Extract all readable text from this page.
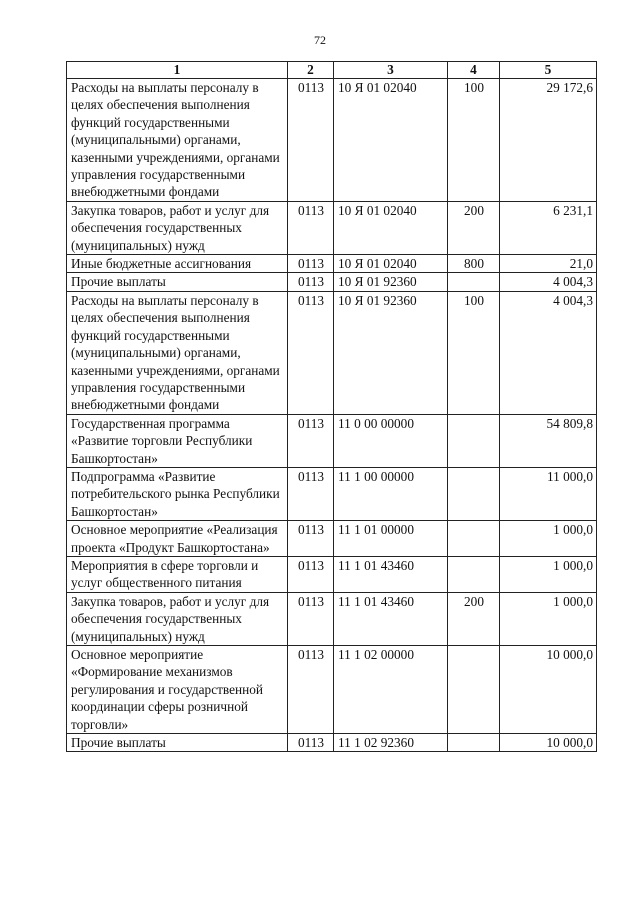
72
1	2	3	4	5
Расходы на выплаты персоналу в целях обеспечения выполнения функций государственными (муниципальными) органами, казенными учреждениями, органами управления государственными внебюджетными фондами	0113	10 Я 01 02040	100	29 172,6
Закупка товаров, работ и услуг для обеспечения государственных (муниципальных) нужд	0113	10 Я 01 02040	200	6 231,1
Иные бюджетные ассигнования	0113	10 Я 01 02040	800	21,0
Прочие выплаты	0113	10 Я 01 92360		4 004,3
Расходы на выплаты персоналу в целях обеспечения выполнения функций государственными (муниципальными) органами, казенными учреждениями, органами управления государственными внебюджетными фондами	0113	10 Я 01 92360	100	4 004,3
Государственная программа «Развитие торговли Республики Башкортостан»	0113	11 0 00 00000		54 809,8
Подпрограмма «Развитие потребительского рынка Республики Башкортостан»	0113	11 1 00 00000		11 000,0
Основное мероприятие «Реализация проекта «Продукт Башкортостана»	0113	11 1 01 00000		1 000,0
Мероприятия в сфере торговли и услуг общественного питания	0113	11 1 01 43460		1 000,0
Закупка товаров, работ и услуг для обеспечения государственных (муниципальных) нужд	0113	11 1 01 43460	200	1 000,0
Основное мероприятие «Формирование механизмов регулирования и государственной координации сферы розничной торговли»	0113	11 1 02 00000		10 000,0
Прочие выплаты	0113	11 1 02 92360		10 000,0
